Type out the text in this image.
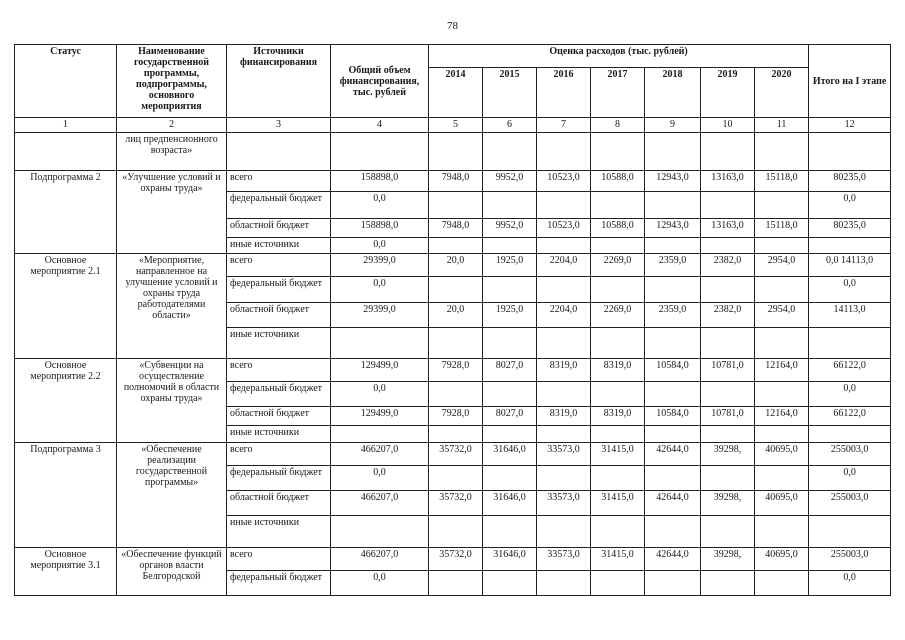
78
Статус	Наименование государственной программы, подпрограммы, основного мероприятия	Источники финансирования	Общий объем финансирования, тыс. рублей	Оценка расходов (тыс. рублей)							Итого на I этапе
				2014	2015	2016	2017	2018	2019	2020	
1	2	3	4	5	6	7	8	9	10	11	12
	лиц предпенсионного возраста»										
Подпрограмма 2	«Улучшение условий и охраны труда»	всего	158898,0	7948,0	9952,0	10523,0	10588,0	12943,0	13163,0	15118,0	80235,0
		федеральный бюджет	0,0								0,0
		областной бюджет	158898,0	7948,0	9952,0	10523,0	10588,0	12943,0	13163,0	15118,0	80235,0
		иные источники	0,0								
Основное мероприятие 2.1	«Мероприятие, направленное на улучшение условий и охраны труда работодателями области»	всего	29399,0	20,0	1925,0	2204,0	2269,0	2359,0	2382,0	2954,0	0,0 14113,0
		федеральный бюджет	0,0								0,0
		областной бюджет	29399,0	20,0	1925,0	2204,0	2269,0	2359,0	2382,0	2954,0	14113,0
		иные источники									
Основное мероприятие 2.2	«Субвенции на осуществление полномочий в области охраны труда»	всего	129499,0	7928,0	8027,0	8319,0	8319,0	10584,0	10781,0	12164,0	66122,0
		федеральный бюджет	0,0								0,0
		областной бюджет	129499,0	7928,0	8027,0	8319,0	8319,0	10584,0	10781,0	12164,0	66122,0
		иные источники									
Подпрограмма 3	«Обеспечение реализации государственной программы»	всего	466207,0	35732,0	31646,0	33573,0	31415,0	42644,0	39298,	40695,0	255003,0
		федеральный бюджет	0,0								0,0
		областной бюджет	466207,0	35732,0	31646,0	33573,0	31415,0	42644,0	39298,	40695,0	255003,0
		иные источники									
Основное мероприятие 3.1	«Обеспечение функций органов власти Белгородской	всего	466207,0	35732,0	31646,0	33573,0	31415,0	42644,0	39298,	40695,0	255003,0
		федеральный бюджет	0,0								0,0
